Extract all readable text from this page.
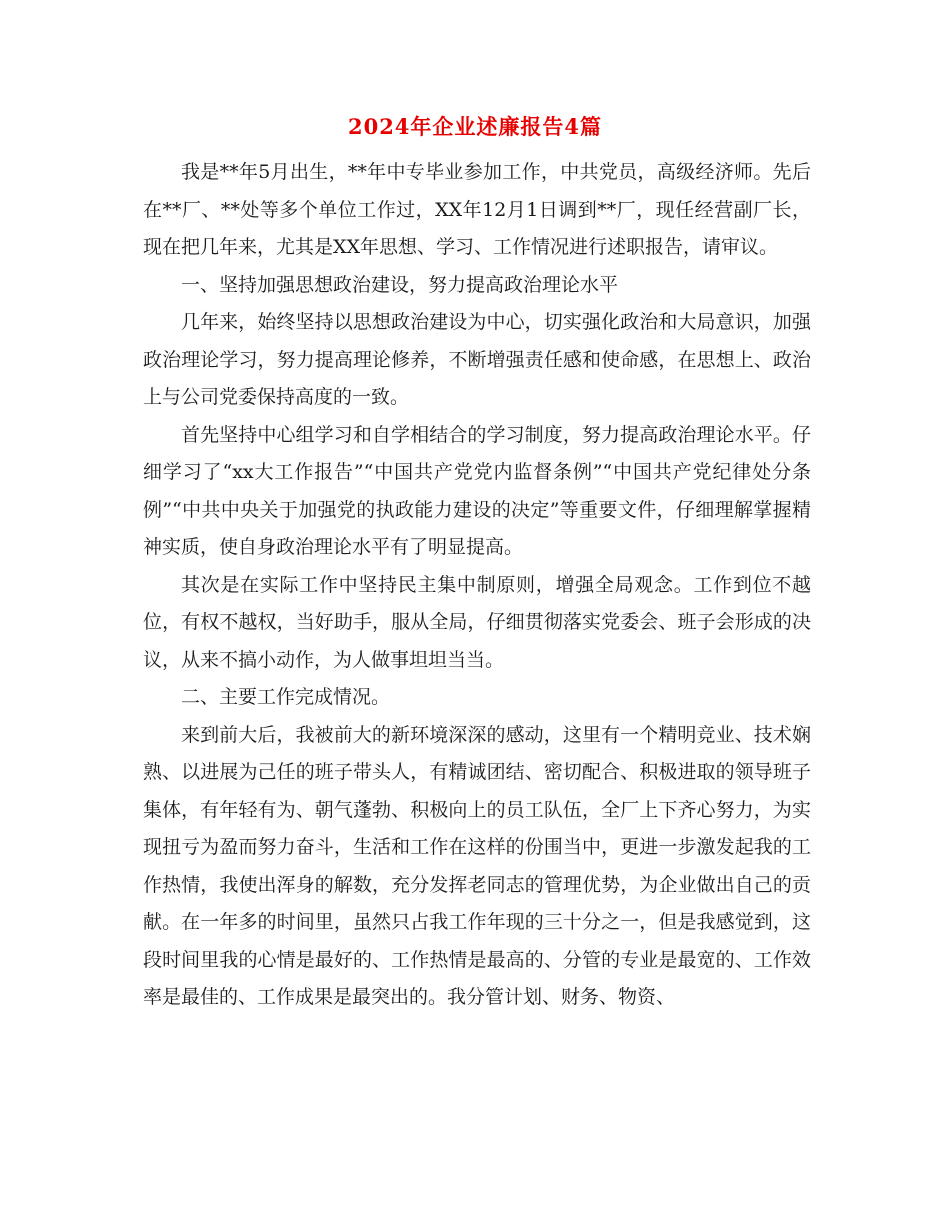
2024年企业述廉报告4篇

我是**年5月出生，**年中专毕业参加工作，中共党员，高级经济师。先后在**厂、**处等多个单位工作过，XX年12月1日调到**厂，现任经营副厂长，现在把几年来，尤其是XX年思想、学习、工作情况进行述职报告，请审议。

一、坚持加强思想政治建设，努力提高政治理论水平

几年来，始终坚持以思想政治建设为中心，切实强化政治和大局意识，加强政治理论学习，努力提高理论修养，不断增强责任感和使命感，在思想上、政治上与公司党委保持高度的一致。

首先坚持中心组学习和自学相结合的学习制度，努力提高政治理论水平。仔细学习了“xx大工作报告”“中国共产党党内监督条例”“中国共产党纪律处分条例”“中共中央关于加强党的执政能力建设的决定”等重要文件，仔细理解掌握精神实质，使自身政治理论水平有了明显提高。

其次是在实际工作中坚持民主集中制原则，增强全局观念。工作到位不越位，有权不越权，当好助手，服从全局，仔细贯彻落实党委会、班子会形成的决议，从来不搞小动作，为人做事坦坦当当。

二、主要工作完成情况。

来到前大后，我被前大的新环境深深的感动，这里有一个精明竞业、技术娴熟、以进展为己任的班子带头人，有精诚团结、密切配合、积极进取的领导班子集体，有年轻有为、朝气蓬勃、积极向上的员工队伍，全厂上下齐心努力，为实现扭亏为盈而努力奋斗，生活和工作在这样的份围当中，更进一步激发起我的工作热情，我使出浑身的解数，充分发挥老同志的管理优势，为企业做出自己的贡献。在一年多的时间里，虽然只占我工作年现的三十分之一，但是我感觉到，这段时间里我的心情是最好的、工作热情是最高的、分管的专业是最宽的、工作效率是最佳的、工作成果是最突出的。我分管计划、财务、物资、
